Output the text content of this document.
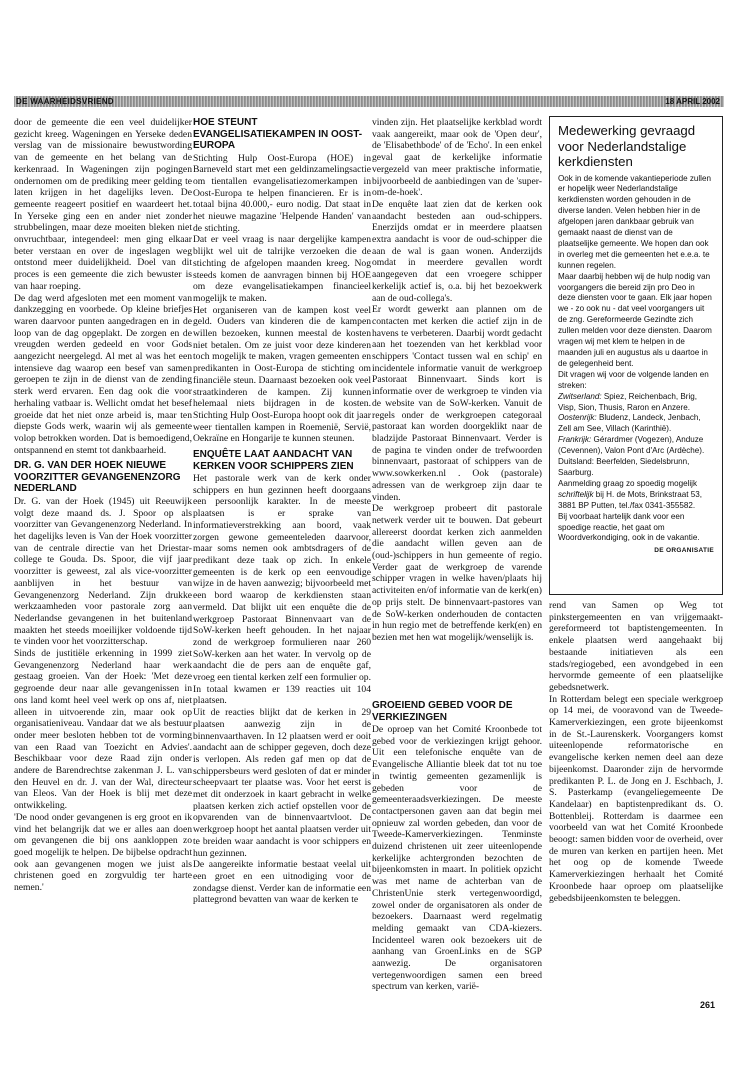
DE WAARHEIDSVRIEND	18 APRIL 2002

door de gemeente die een veel duidelijker gezicht kreeg. Wageningen en Yerseke deden verslag van de missionaire bewustwording van de gemeente en het belang van de kerkenraad. In Wageningen zijn pogingen ondernomen om de prediking meer gelding te laten krijgen in het dagelijks leven. De gemeente reageert positief en waardeert het. In Yerseke ging een en ander niet zonder strubbelingen, maar deze moeiten bleken niet onvruchtbaar, integendeel: men ging elkaar beter verstaan en over de ingeslagen weg ontstond meer duidelijkheid. Doel van dit proces is een gemeente die zich bewuster is van haar roeping.

De dag werd afgesloten met een moment van dankzegging en voorbede. Op kleine briefjes waren daarvoor punten aangedragen en in de loop van de dag opgeplakt. De zorgen en de vreugden werden gedeeld en voor Gods aangezicht neergelegd. Al met al was het een intensieve dag waarop een besef van samen geroepen te zijn in de dienst van de zending sterk werd ervaren. Een dag ook die voor herhaling vatbaar is. Wellicht omdat het besef groeide dat het niet onze arbeid is, maar ten diepste Gods werk, waarin wij als gemeente volop betrokken worden. Dat is bemoedigend, ontspannend en stemt tot dankbaarheid.

DR. G. VAN DER HOEK NIEUWE VOORZITTER GEVANGENENZORG NEDERLAND

Dr. G. van der Hoek (1945) uit Reeuwijk volgt deze maand ds. J. Spoor op als voorzitter van Gevangenenzorg Nederland. In het dagelijks leven is Van der Hoek voorzitter van de centrale directie van het Driestar-college te Gouda. Ds. Spoor, die vijf jaar voorzitter is geweest, zal als vice-voorzitter aanblijven in het bestuur van Gevangenenzorg Nederland. Zijn drukke werkzaamheden voor pastorale zorg aan Nederlandse gevangenen in het buitenland maakten het steeds moeilijker voldoende tijd te vinden voor het voorzitterschap.

Sinds de justitiële erkenning in 1999 ziet Gevangenenzorg Nederland haar werk gestaag groeien. Van der Hoek: 'Met deze gegroende deur naar alle gevangenissen in ons land komt heel veel werk op ons af, niet alleen in uitvoerende zin, maar ook op organisatieniveau. Vandaar dat we als bestuur onder meer besloten hebben tot de vorming van een Raad van Toezicht en Advies'. Beschikbaar voor deze Raad zijn onder andere de Barendrechtse zakenman J. L. van den Heuvel en dr. J. van der Wal, directeur van Eleos. Van der Hoek is blij met deze ontwikkeling.

'De nood onder gevangenen is erg groot en ik vind het belangrijk dat we er alles aan doen om gevangenen die bij ons aankloppen zo goed mogelijk te helpen. De bijbelse opdracht ook aan gevangenen mogen we juist als christenen goed en zorgvuldig ter harte nemen.'

HOE STEUNT EVANGELISATIEKAMPEN IN OOST-EUROPA

Stichting Hulp Oost-Europa (HOE) in Barneveld start met een geldinzamelingsactie om tientallen evangelisatiezomerkampen in Oost-Europa te helpen financieren. Er is in totaal bijna 40.000,- euro nodig. Dat staat in het nieuwe magazine 'Helpende Handen' van de stichting.

Dat er veel vraag is naar dergelijke kampen blijkt wel uit de talrijke verzoeken die de stichting de afgelopen maanden kreeg. Nog steeds komen de aanvragen binnen bij HOE om deze evangelisatiekampen financieel mogelijk te maken.

Het organiseren van de kampen kost veel geld. Ouders van kinderen die de kampen willen bezoeken, kunnen meestal de kosten niet betalen. Om ze juist voor deze kinderen toch mogelijk te maken, vragen gemeenten en predikanten in Oost-Europa de stichting om financiële steun. Daarnaast bezoeken ook veel straatkinderen de kampen. Zij kunnen helemaal niets bijdragen in de kosten. Stichting Hulp Oost-Europa hoopt ook dit jaar weer tientallen kampen in Roemenië, Servië, Oekraïne en Hongarije te kunnen steunen.

ENQUÊTE LAAT AANDACHT VAN KERKEN VOOR SCHIPPERS ZIEN

Het pastorale werk van de kerk onder schippers en hun gezinnen heeft doorgaans een persoonlijk karakter. In de meeste plaatsen is er sprake van informatieverstrekking aan boord, vaak zorgen gewone gemeenteleden daarvoor, maar soms nemen ook ambtsdragers of de predikant deze taak op zich. In enkele gemeenten is de kerk op een eenvoudige wijze in de haven aanwezig; bijvoorbeeld met een bord waarop de kerkdiensten staan vermeld. Dat blijkt uit een enquête die de werkgroep Pastoraat Binnenvaart van de SoW-kerken heeft gehouden. In het najaar zond de werkgroep formulieren naar 260 SoW-kerken aan het water. In vervolg op de aandacht die de pers aan de enquête gaf, vroeg een tiental kerken zelf een formulier op. In totaal kwamen er 139 reacties uit 104 plaatsen.

Uit de reacties blijkt dat de kerken in 29 plaatsen aanwezig zijn in de binnenvaarthaven. In 12 plaatsen werd er ooit aandacht aan de schipper gegeven, doch deze is verlopen. Als reden gaf men op dat de schippersbeurs werd gesloten of dat er minder scheepvaart ter plaatse was. Voor het eerst is met dit onderzoek in kaart gebracht in welke plaatsen kerken zich actief opstellen voor de opvarenden van de binnenvaartvloot. De werkgroep hoopt het aantal plaatsen verder uit te breiden waar aandacht is voor schippers en hun gezinnen.

De aangereikte informatie bestaat veelal uit een groet en een uitnodiging voor de zondagse dienst. Verder kan de informatie een plattegrond bevatten van waar de kerken te

vinden zijn. Het plaatselijke kerkblad wordt vaak aangereikt, maar ook de 'Open deur', de 'Elisabethbode' of de 'Echo'. In een enkel geval gaat de kerkelijke informatie vergezeld van meer praktische informatie, bijvoorbeeld de aanbiedingen van de 'super-om-de-hoek'.

De enquête laat zien dat de kerken ook aandacht besteden aan oud-schippers. Enerzijds omdat er in meerdere plaatsen extra aandacht is voor de oud-schipper die aan de wal is gaan wonen. Anderzijds omdat in meerdere gevallen wordt aangegeven dat een vroegere schipper kerkelijk actief is, o.a. bij het bezoekwerk aan de oud-collega's.

Er wordt gewerkt aan plannen om de contacten met kerken die actief zijn in de havens te verbeteren. Daarbij wordt gedacht aan het toezenden van het kerkblad voor schippers 'Contact tussen wal en schip' en incidentele informatie vanuit de werkgroep Pastoraat Binnenvaart. Sinds kort is informatie over de werkgroep te vinden via de website van de SoW-kerken. Vanuit de regels onder de werkgroepen categoraal pastoraat kan worden doorgeklikt naar de bladzijde Pastoraat Binnenvaart. Verder is de pagina te vinden onder de trefwoorden binnenvaart, pastoraat of schippers van de www.sowkerken.nl . Ook (pastorale) adressen van de werkgroep zijn daar te vinden.

De werkgroep probeert dit pastorale netwerk verder uit te bouwen. Dat gebeurt allereerst doordat kerken zich aanmelden die aandacht willen geven aan de (oud-)schippers in hun gemeente of regio. Verder gaat de werkgroep de varende schipper vragen in welke haven/plaats hij activiteiten en/of informatie van de kerk(en) op prijs stelt. De binnenvaart-pastores van de SoW-kerken onderhouden de contacten in hun regio met de betreffende kerk(en) en bezien met hen wat mogelijk/wenselijk is.

GROEIEND GEBED VOOR DE VERKIEZINGEN

De oproep van het Comité Kroonbede tot gebed voor de verkiezingen krijgt gehoor. Uit een telefonische enquête van de Evangelische Alliantie bleek dat tot nu toe in twintig gemeenten gezamenlijk is gebeden voor de gemeenteraadsverkiezingen. De meeste contactpersonen gaven aan dat begin mei opnieuw zal worden gebeden, dan voor de Tweede-Kamerverkiezingen. Tenminste duizend christenen uit zeer uiteenlopende kerkelijke achtergronden bezochten de bijeenkomsten in maart. In politiek opzicht was met name de achterban van de ChristenUnie sterk vertegenwoordigd, zowel onder de organisatoren als onder de bezoekers. Daarnaast werd regelmatig melding gemaakt van CDA-kiezers. Incidenteel waren ook bezoekers uit de aanhang van GroenLinks en de SGP aanwezig. De organisatoren vertegenwoordigen samen een breed spectrum van kerken, varië-

Medewerking gevraagd voor Nederlandstalige kerkdiensten

Ook in de komende vakantieperiode zullen er hopelijk weer Nederlandstalige kerkdiensten worden gehouden in de diverse landen. Velen hebben hier in de afgelopen jaren dankbaar gebruik van gemaakt naast de dienst van de plaatselijke gemeente. We hopen dan ook in overleg met die gemeenten het e.e.a. te kunnen regelen.

Maar daarbij hebben wij de hulp nodig van voorgangers die bereid zijn pro Deo in deze diensten voor te gaan. Elk jaar hopen we - zo ook nu - dat veel voorgangers uit de zng. Gereformeerde Gezindte zich zullen melden voor deze diensten. Daarom vragen wij met klem te helpen in de maanden juli en augustus als u daartoe in de gelegenheid bent.

Dit vragen wij voor de volgende landen en streken:

Zwitserland: Spiez, Reichenbach, Brig, Visp, Sion, Thusis, Raron en Anzere.

Oostenrijk: Bludenz, Landeck, Jenbach, Zell am See, Villach (Karinthië).

Frankrijk: Gérardmer (Vogezen), Anduze (Cevennen), Valon Pont d'Arc (Ardèche).

Duitsland: Beerfelden, Siedelsbrunn, Saarburg.

Aanmelding graag zo spoedig mogelijk schriftelijk bij H. de Mots, Brinkstraat 53, 3881 BP Putten, tel./fax 0341-355582.

Bij voorbaat hartelijk dank voor een spoedige reactie, het gaat om Woordverkondiging, ook in de vakantie.

DE ORGANISATIE

rend van Samen op Weg tot pinkstergemeenten en van vrijgemaakt-gereformeerd tot baptistengemeenten. In enkele plaatsen werd aangehaakt bij bestaande initiatieven als een stads/regiogebed, een avondgebed in een hervormde gemeente of een plaatselijke gebedsnetwerk.

In Rotterdam belegt een speciale werkgroep op 14 mei, de vooravond van de Tweede-Kamerverkiezingen, een grote bijeenkomst in de St.-Laurenskerk. Voorgangers komst uiteenlopende reformatorische en evangelische kerken nemen deel aan deze bijeenkomst. Daaronder zijn de hervormde predikanten P. L. de Jong en J. Eschbach, J. S. Pasterkamp (evangeliegemeente De Kandelaar) en baptistenpredikant ds. O. Bottenbleij. Rotterdam is daarmee een voorbeeld van wat het Comité Kroonbede beoogt: samen bidden voor de overheid, over de muren van kerken en partijen heen. Met het oog op de komende Tweede Kamerverkiezingen herhaalt het Comité Kroonbede haar oproep om plaatselijke gebedsbijeenkomsten te beleggen.

261
